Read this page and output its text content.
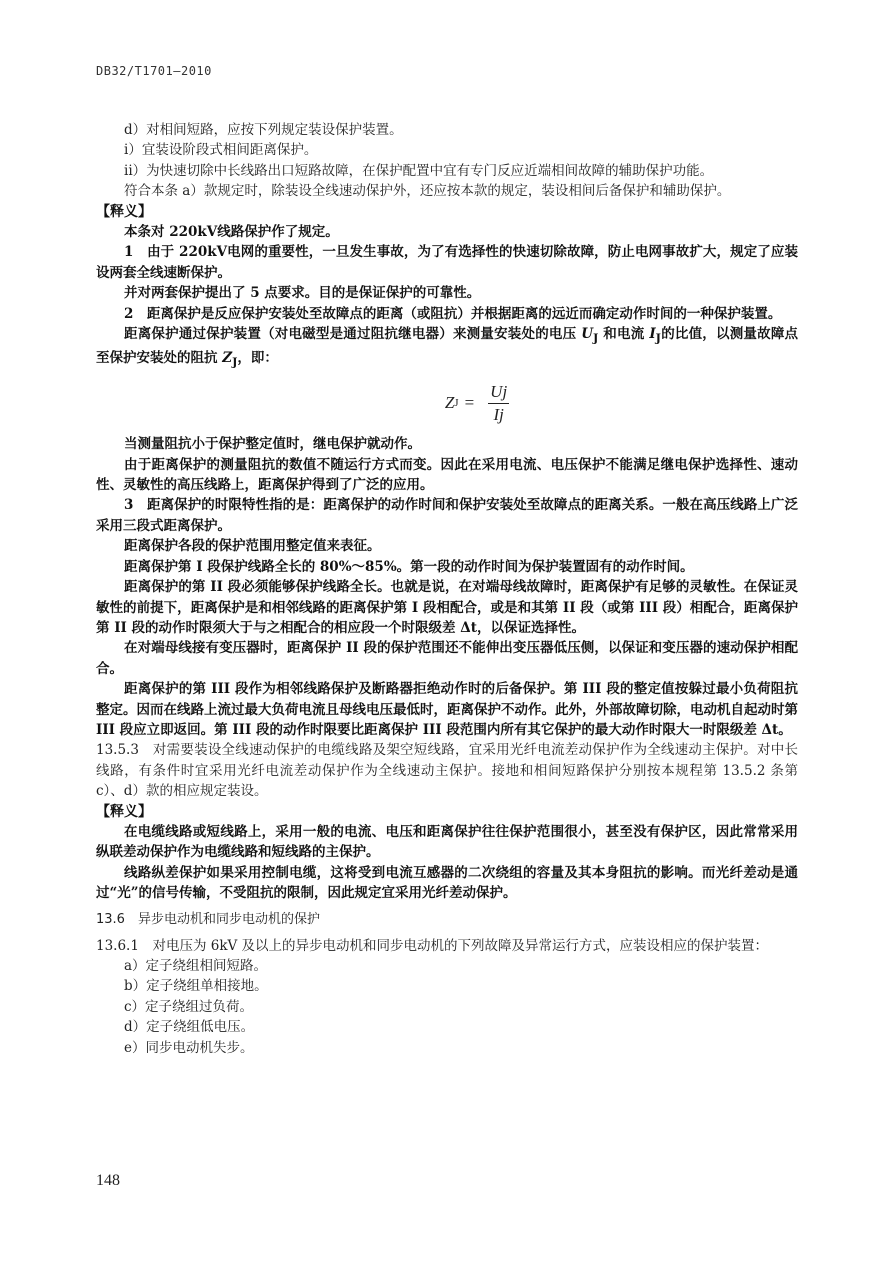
DB32/T1701—2010

d）对相间短路，应按下列规定装设保护装置。

i）宜装设阶段式相间距离保护。

ii）为快速切除中长线路出口短路故障，在保护配置中宜有专门反应近端相间故障的辅助保护功能。

符合本条 a）款规定时，除装设全线速动保护外，还应按本款的规定，装设相间后备保护和辅助保护。

【释义】

本条对 220kV线路保护作了规定。

1　由于 220kV电网的重要性，一旦发生事故，为了有选择性的快速切除故障，防止电网事故扩大，规定了应装设两套全线速断保护。

并对两套保护提出了 5 点要求。目的是保证保护的可靠性。

2　距离保护是反应保护安装处至故障点的距离（或阻抗）并根据距离的远近而确定动作时间的一种保护装置。

距离保护通过保护装置（对电磁型是通过阻抗继电器）来测量安装处的电压 $U_J$ 和电流 $I_J$的比值，以测量故障点至保护安装处的阻抗 $Z_J$，即：

Z $J = \frac{Uj}{Ij}$

当测量阻抗小于保护整定值时，继电保护就动作。

由于距离保护的测量阻抗的数值不随运行方式而变。因此在采用电流、电压保护不能满足继电保护选择性、速动性、灵敏性的高压线路上，距离保护得到了广泛的应用。

3　距离保护的时限特性指的是：距离保护的动作时间和保护安装处至故障点的距离关系。一般在高压线路上广泛采用三段式距离保护。

距离保护各段的保护范围用整定值来表征。

距离保护第 I 段保护线路全长的 80%～85%。第一段的动作时间为保护装置固有的动作时间。

距离保护的第 II 段必须能够保护线路全长。也就是说，在对端母线故障时，距离保护有足够的灵敏性。在保证灵敏性的前提下，距离保护是和相邻线路的距离保护第 I 段相配合，或是和其第 II 段（或第 III 段）相配合，距离保护第 II 段的动作时限须大于与之相配合的相应段一个时限级差 Δt，以保证选择性。

在对端母线接有变压器时，距离保护 II 段的保护范围还不能伸出变压器低压侧，以保证和变压器的速动保护相配合。

距离保护的第 III 段作为相邻线路保护及断路器拒绝动作时的后备保护。第 III 段的整定值按躲过最小负荷阻抗整定。因而在线路上流过最大负荷电流且母线电压最低时，距离保护不动作。此外，外部故障切除，电动机自起动时第 III 段应立即返回。第 III 段的动作时限要比距离保护 III 段范围内所有其它保护的最大动作时限大一时限级差 Δt。

13.5.3　对需要装设全线速动保护的电缆线路及架空短线路，宜采用光纤电流差动保护作为全线速动主保护。对中长线路，有条件时宜采用光纤电流差动保护作为全线速动主保护。接地和相间短路保护分别按本规程第 13.5.2 条第 c）、d）款的相应规定装设。

【释义】

在电缆线路或短线路上，采用一般的电流、电压和距离保护往往保护范围很小，甚至没有保护区，因此常常采用纵联差动保护作为电缆线路和短线路的主保护。

线路纵差保护如果采用控制电缆，这将受到电流互感器的二次绕组的容量及其本身阻抗的影响。而光纤差动是通过“光”的信号传输，不受阻抗的限制，因此规定宜采用光纤差动保护。

13.6　异步电动机和同步电动机的保护

13.6.1　对电压为 6kV 及以上的异步电动机和同步电动机的下列故障及异常运行方式，应装设相应的保护装置：

a）定子绕组相间短路。

b）定子绕组单相接地。

c）定子绕组过负荷。

d）定子绕组低电压。

e）同步电动机失步。

148
